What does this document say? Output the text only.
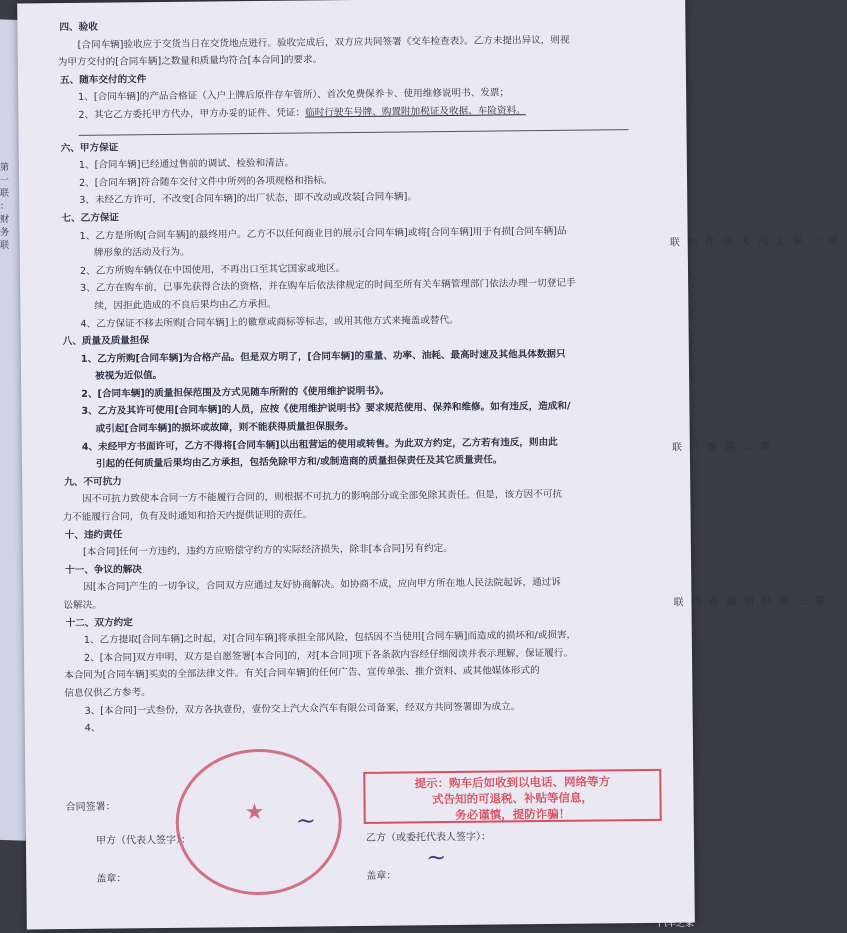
第
一
联
：
财
务
联
四、验收
[合同车辆]验收应于交货当日在交货地点进行。验收完成后，双方应共同签署《交车检查表》。乙方未提出异议，则视
为甲方交付的[合同车辆]之数量和质量均符合[本合同]的要求。
五、随车交付的文件
1、[合同车辆]的产品合格证（入户上牌后原件存车管所）、首次免费保养卡、使用维修说明书、发票；
2、其它乙方委托甲方代办，甲方办妥的证件、凭证：临时行驶车号牌、购置附加税证及收据、车险资料。
六、甲方保证
1、[合同车辆]已经通过售前的调试、检验和清洁。
2、[合同车辆]符合随车交付文件中所列的各项规格和指标。
3、未经乙方许可，不改变[合同车辆]的出厂状态，即不改动或改装[合同车辆]。
七、乙方保证
1、乙方是所购[合同车辆]的最终用户。乙方不以任何商业目的展示[合同车辆]或将[合同车辆]用于有损[合同车辆]品
牌形象的活动及行为。
2、乙方所购车辆仅在中国使用，不再出口至其它国家或地区。
3、乙方在购车前，已事先获得合法的资格，并在购车后依法律规定的时间至所有关车辆管理部门依法办理一切登记手
续，因拒此造成的不良后果均由乙方承担。
4、乙方保证不移去所购[合同车辆]上的徽章或商标等标志，或用其他方式来掩盖或替代。
八、质量及质量担保
1、乙方所购[合同车辆]为合格产品。但是双方明了，[合同车辆]的重量、功率、油耗、最高时速及其他具体数据只
被视为近似值。
2、[合同车辆]的质量担保范围及方式见随车所附的《使用维护说明书》。
3、乙方及其许可使用[合同车辆]的人员，应按《使用维护说明书》要求规范使用、保养和维修。如有违反，造成和/
或引起[合同车辆]的损坏或故障，则不能获得质量担保服务。
4、未经甲方书面许可，乙方不得将[合同车辆]以出租营运的使用或转售。为此双方约定，乙方若有违反，则由此
引起的任何质量后果均由乙方承担，包括免除甲方和/或制造商的质量担保责任及其它质量责任。
九、不可抗力
因不可抗力致使本合同一方不能履行合同的，则根据不可抗力的影响部分或全部免除其责任。但是，该方因不可抗
力不能履行合同，负有及时通知和拾天内提供证明的责任。
十、违约责任
[本合同]任何一方违约，违约方应赔偿守约方的实际经济损失，除非[本合同]另有约定。
十一、争议的解决
因[本合同]产生的一切争议，合同双方应通过友好协商解决。如协商不成，应向甲方所在地人民法院起诉，通过诉
讼解决。
十二、双方约定
1、乙方提取[合同车辆]之时起，对[合同车辆]将承担全部风险，包括因不当使用[合同车辆]而造成的损坏和/或损害，
2、[本合同]双方申明，双方是自愿签署[本合同]的，对[本合同]项下各条款内容经仔细阅读并表示理解，保证履行。
本合同为[合同车辆]买卖的全部法律文件。有关[合同车辆]的任何广告、宣传单张、推介资料、或其他媒体形式的
信息仅供乙方参考。
3、[本合同]一式叁份，双方各执壹份，壹份交上汽大众汽车有限公司备案，经双方共同签署即为成立。
4、
第一联 上汽大众存档联
第二联 客户联
第三联 经销商存档联
合同签署：
甲方（代表人签字）：	乙方（或委托代表人签字）：
盖章：	盖章：
★
提示：购车后如收到以电话、网络等方
式告知的可退税、补贴等信息，
务必谨慎，提防诈骗！
~
~
汽车之家
